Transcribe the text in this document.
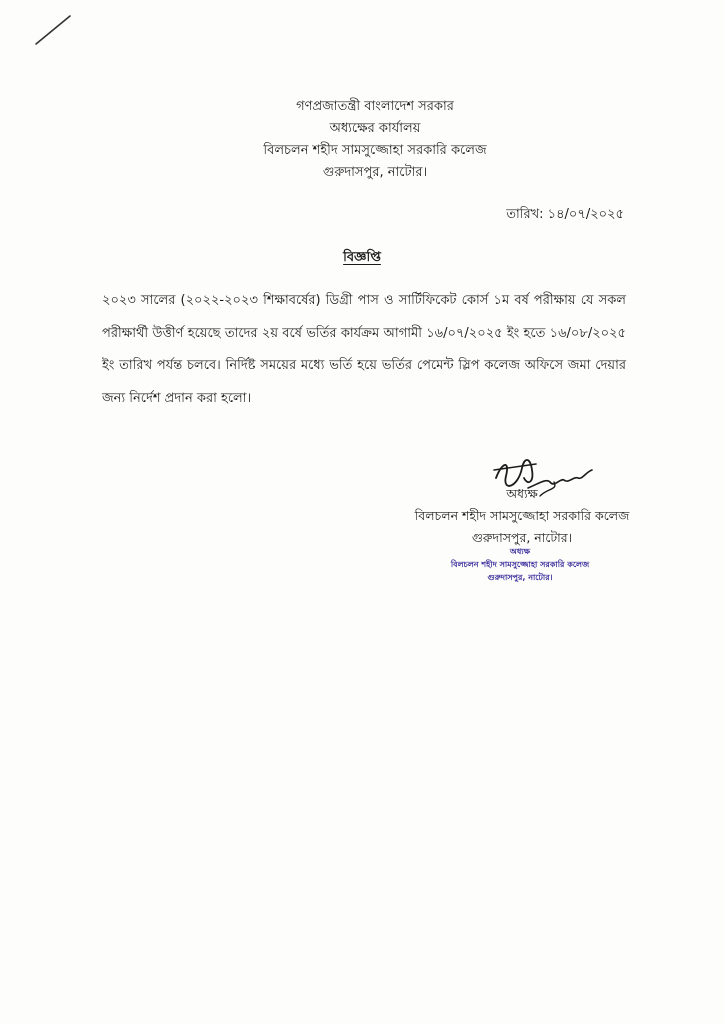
গণপ্রজাতন্ত্রী বাংলাদেশ সরকার
অধ্যক্ষের কার্যালয়
বিলচলন শহীদ সামসুজ্জোহা সরকারি কলেজ
গুরুদাসপুর, নাটোর।
তারিখ: ১৪/০৭/২০২৫
বিজ্ঞপ্তি
২০২৩ সালের (২০২২-২০২৩ শিক্ষাবর্ষের) ডিগ্রী পাস ও সার্টিফিকেট কোর্স ১ম বর্ষ পরীক্ষায় যে সকল পরীক্ষার্থী উত্তীর্ণ হয়েছে তাদের ২য় বর্ষে ভর্তির কার্যক্রম আগামী ১৬/০৭/২০২৫ ইং হতে ১৬/০৮/২০২৫ ইং তারিখ পর্যন্ত চলবে। নির্দিষ্ট সময়ের মধ্যে ভর্তি হয়ে ভর্তির পেমেন্ট স্লিপ কলেজ অফিসে জমা দেয়ার জন্য নির্দেশ প্রদান করা হলো।
অধ্যক্ষ
বিলচলন শহীদ সামসুজ্জোহা সরকারি কলেজ
গুরুদাসপুর, নাটোর।
অধ্যক্ষ
বিলচলন শহীদ সামসুজ্জোহা সরকারি কলেজ
গুরুদাসপুর, নাটোর।
